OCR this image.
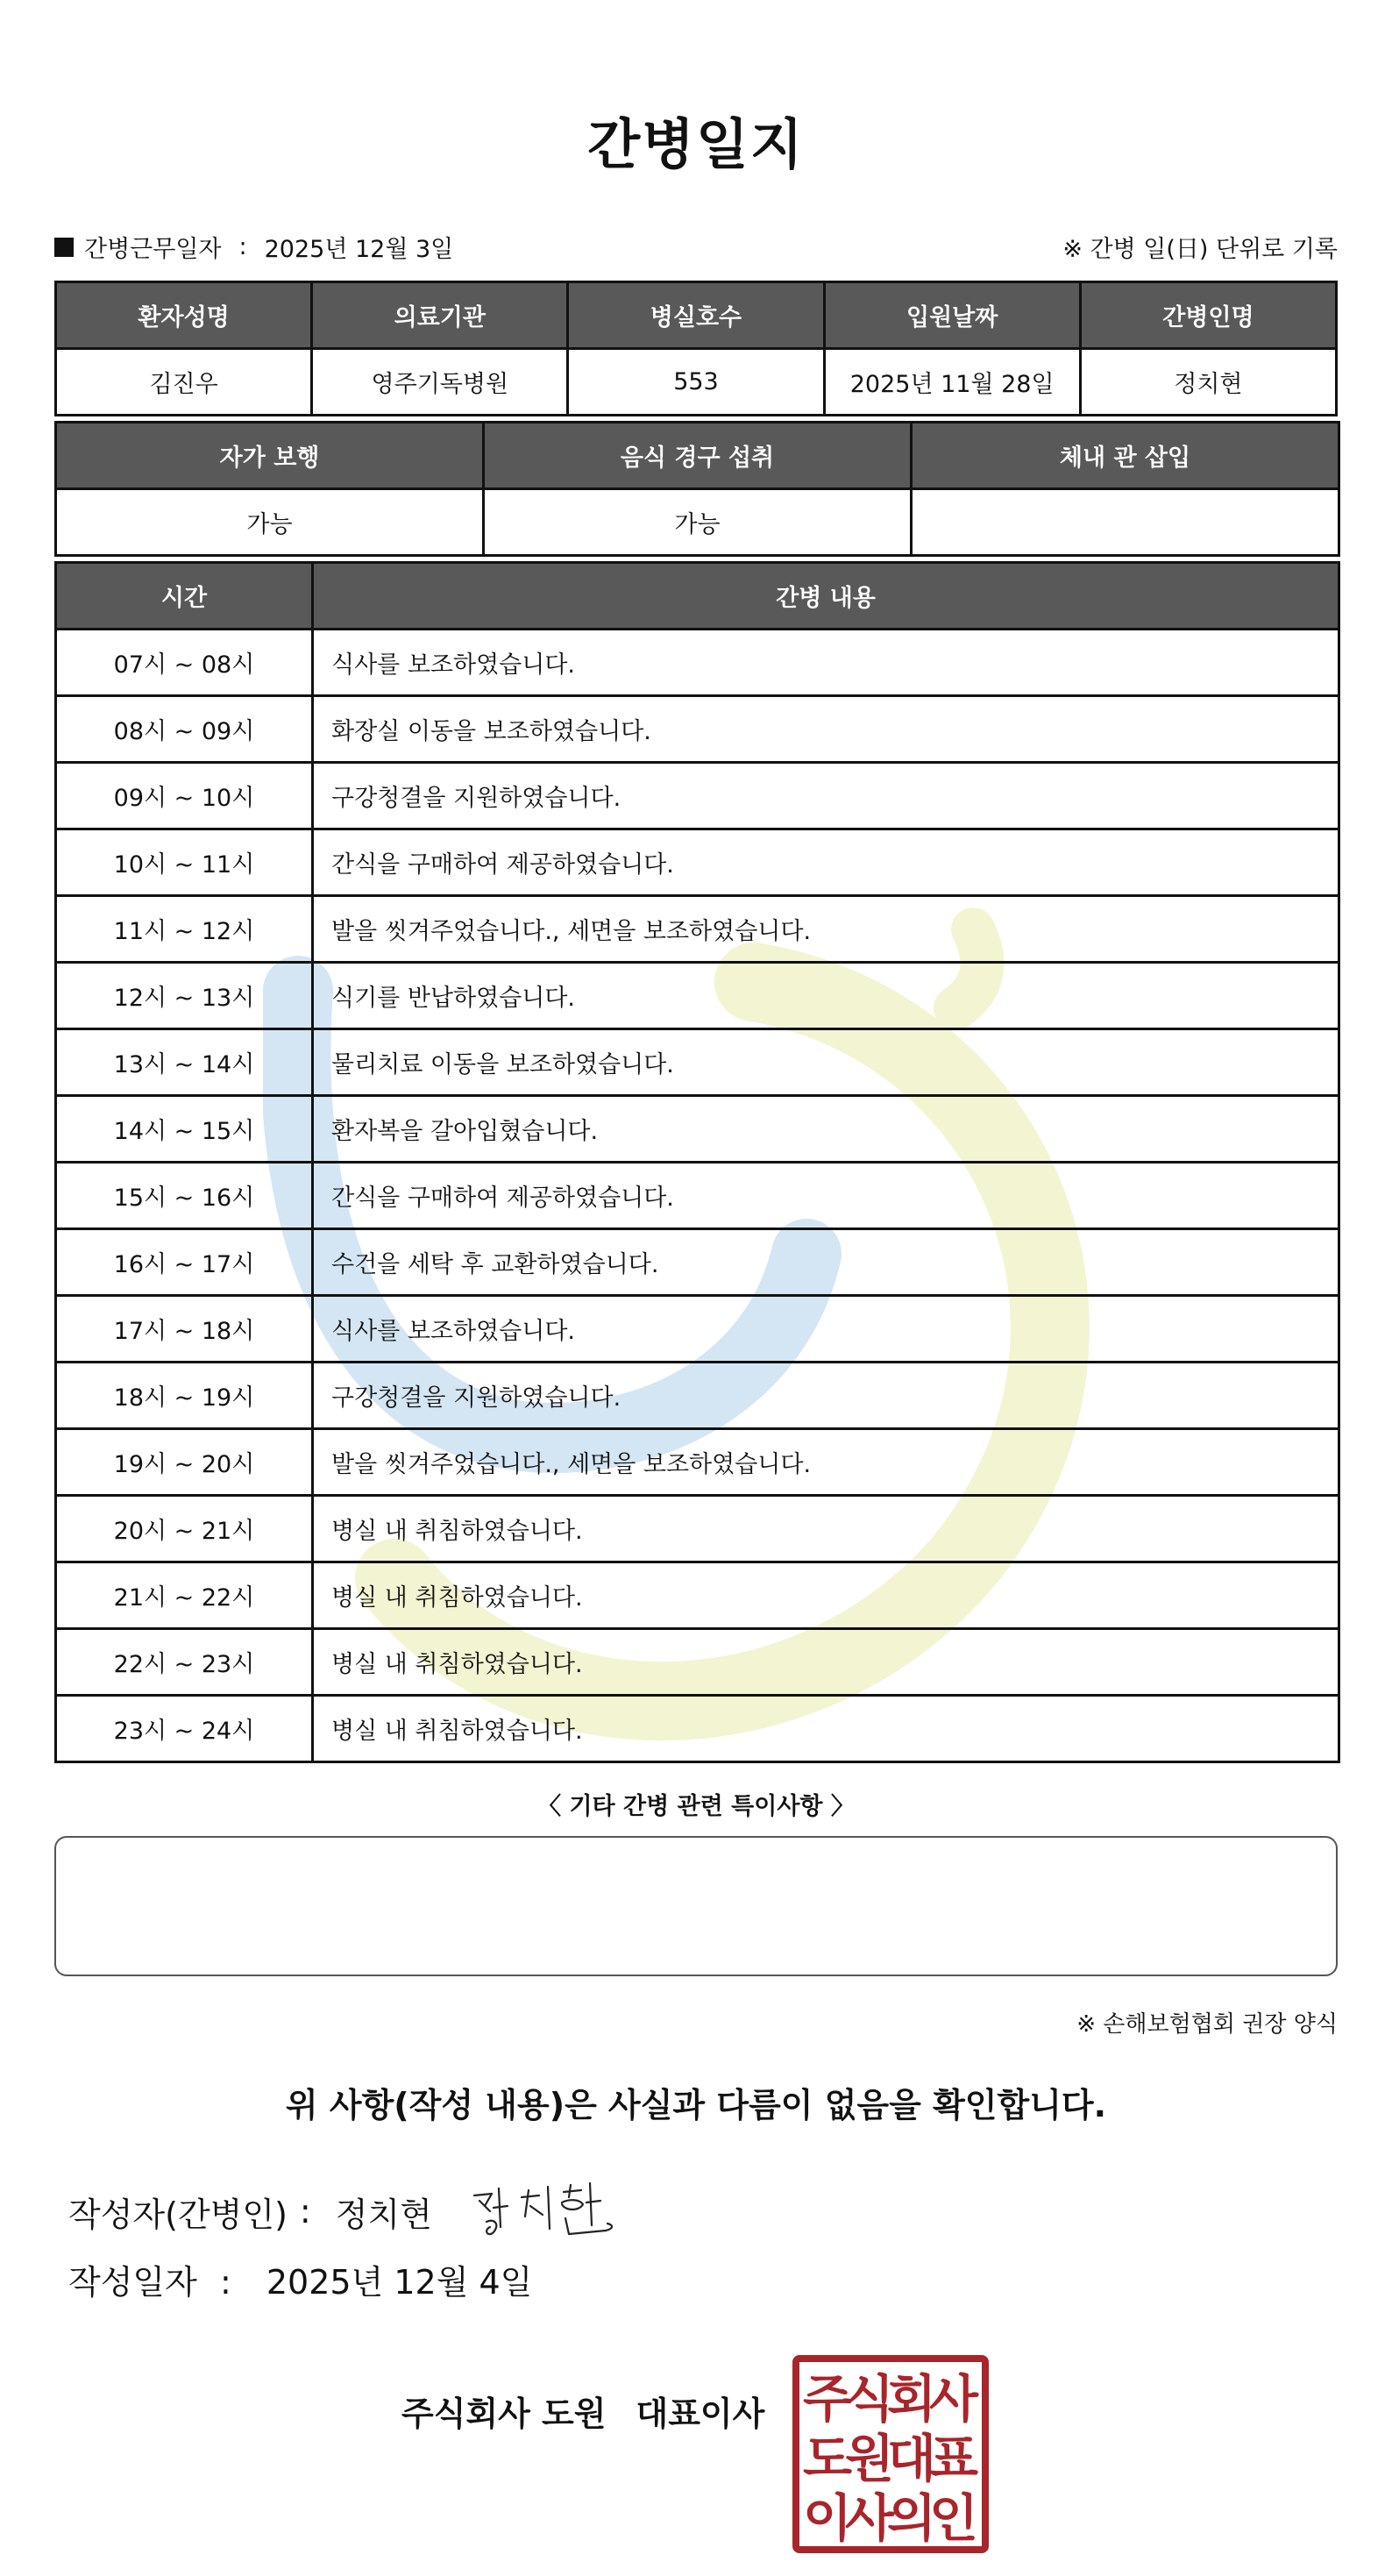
간병일지
간병근무일자 : 2025년 12월 3일	※ 간병 일(日) 단위로 기록
환자성명	의료기관	병실호수	입원날짜	간병인명
김진우	영주기독병원	553	2025년 11월 28일	정치현
자가 보행	음식 경구 섭취	체내 관 삽입
가능	가능	
시간	간병 내용
07시 ~ 08시	식사를 보조하였습니다.
08시 ~ 09시	화장실 이동을 보조하였습니다.
09시 ~ 10시	구강청결을 지원하였습니다.
10시 ~ 11시	간식을 구매하여 제공하였습니다.
11시 ~ 12시	발을 씻겨주었습니다., 세면을 보조하였습니다.
12시 ~ 13시	식기를 반납하였습니다.
13시 ~ 14시	물리치료 이동을 보조하였습니다.
14시 ~ 15시	환자복을 갈아입혔습니다.
15시 ~ 16시	간식을 구매하여 제공하였습니다.
16시 ~ 17시	수건을 세탁 후 교환하였습니다.
17시 ~ 18시	식사를 보조하였습니다.
18시 ~ 19시	구강청결을 지원하였습니다.
19시 ~ 20시	발을 씻겨주었습니다., 세면을 보조하였습니다.
20시 ~ 21시	병실 내 취침하였습니다.
21시 ~ 22시	병실 내 취침하였습니다.
22시 ~ 23시	병실 내 취침하였습니다.
23시 ~ 24시	병실 내 취침하였습니다.
〈 기타 간병 관련 특이사항 〉
※ 손해보험협회 권장 양식
위 사항(작성 내용)은 사실과 다름이 없음을 확인합니다.
작성자(간병인) : 정치현
작성일자 : 2025년 12월 4일
주식회사 도원 대표이사 주
식
회
사
도
원
대
표
이
사
의
인
